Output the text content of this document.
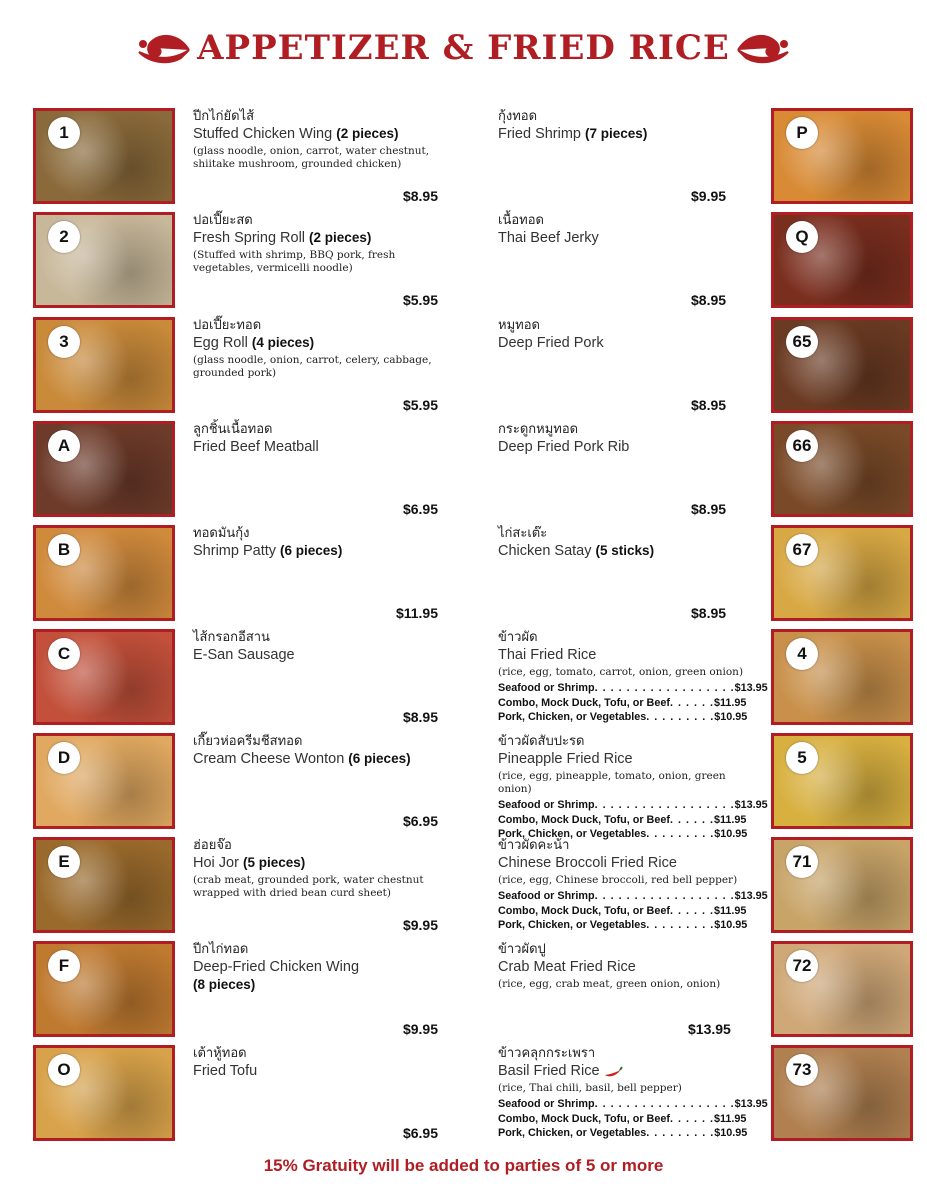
APPETIZER & FRIED RICE
1
ปีกไก่ยัดไส้
Stuffed Chicken Wing (2 pieces)
(glass noodle, onion, carrot, water chestnut, shiitake mushroom, grounded chicken)
$8.95
2
ปอเปี๊ยะสด
Fresh Spring Roll (2 pieces)
(Stuffed with shrimp, BBQ pork, fresh vegetables, vermicelli noodle)
$5.95
3
ปอเปี๊ยะทอด
Egg Roll (4 pieces)
(glass noodle, onion, carrot, celery, cabbage, grounded pork)
$5.95
A
ลูกชิ้นเนื้อทอด
Fried Beef Meatball
$6.95
B
ทอดมันกุ้ง
Shrimp Patty (6 pieces)
$11.95
C
ไส้กรอกอีสาน
E-San Sausage
$8.95
D
เกี๊ยวห่อครีมชีสทอด
Cream Cheese Wonton (6 pieces)
$6.95
E
ฮ่อยจ๊อ
Hoi Jor (5 pieces)
(crab meat, grounded pork, water chestnut wrapped with dried bean curd sheet)
$9.95
F
ปีกไก่ทอด
Deep-Fried Chicken Wing
(8 pieces)
$9.95
O
เต้าหู้ทอด
Fried Tofu
$6.95
P
กุ้งทอด
Fried Shrimp (7 pieces)
$9.95
Q
เนื้อทอด
Thai Beef Jerky
$8.95
65
หมูทอด
Deep Fried Pork
$8.95
66
กระดูกหมูทอด
Deep Fried Pork Rib
$8.95
67
ไก่สะเต๊ะ
Chicken Satay (5 sticks)
$8.95
4
ข้าวผัด
Thai Fried Rice
(rice, egg, tomato, carrot, onion, green onion)
Seafood or Shrimp . . . . . . . . . . . . . . . . . . $13.95
Combo, Mock Duck, Tofu, or Beef . . . . . . $11.95
Pork, Chicken, or Vegetables . . . . . . . . . $10.95
5
ข้าวผัดสับปะรด
Pineapple Fried Rice
(rice, egg, pineapple, tomato, onion, green onion)
Seafood or Shrimp . . . . . . . . . . . . . . . . . . $13.95
Combo, Mock Duck, Tofu, or Beef . . . . . . $11.95
Pork, Chicken, or Vegetables . . . . . . . . . $10.95
71
ข้าวผัดคะน้า
Chinese Broccoli Fried Rice
(rice, egg, Chinese broccoli, red bell pepper)
Seafood or Shrimp . . . . . . . . . . . . . . . . . . $13.95
Combo, Mock Duck, Tofu, or Beef . . . . . . $11.95
Pork, Chicken, or Vegetables . . . . . . . . . $10.95
72
ข้าวผัดปู
Crab Meat Fried Rice
(rice, egg, crab meat, green onion, onion)
$13.95
73
ข้าวคลุกกระเพรา
Basil Fried Rice
(rice, Thai chili, basil, bell pepper)
Seafood or Shrimp . . . . . . . . . . . . . . . . . . $13.95
Combo, Mock Duck, Tofu, or Beef . . . . . . $11.95
Pork, Chicken, or Vegetables . . . . . . . . . $10.95
15% Gratuity will be added to parties of 5 or more
